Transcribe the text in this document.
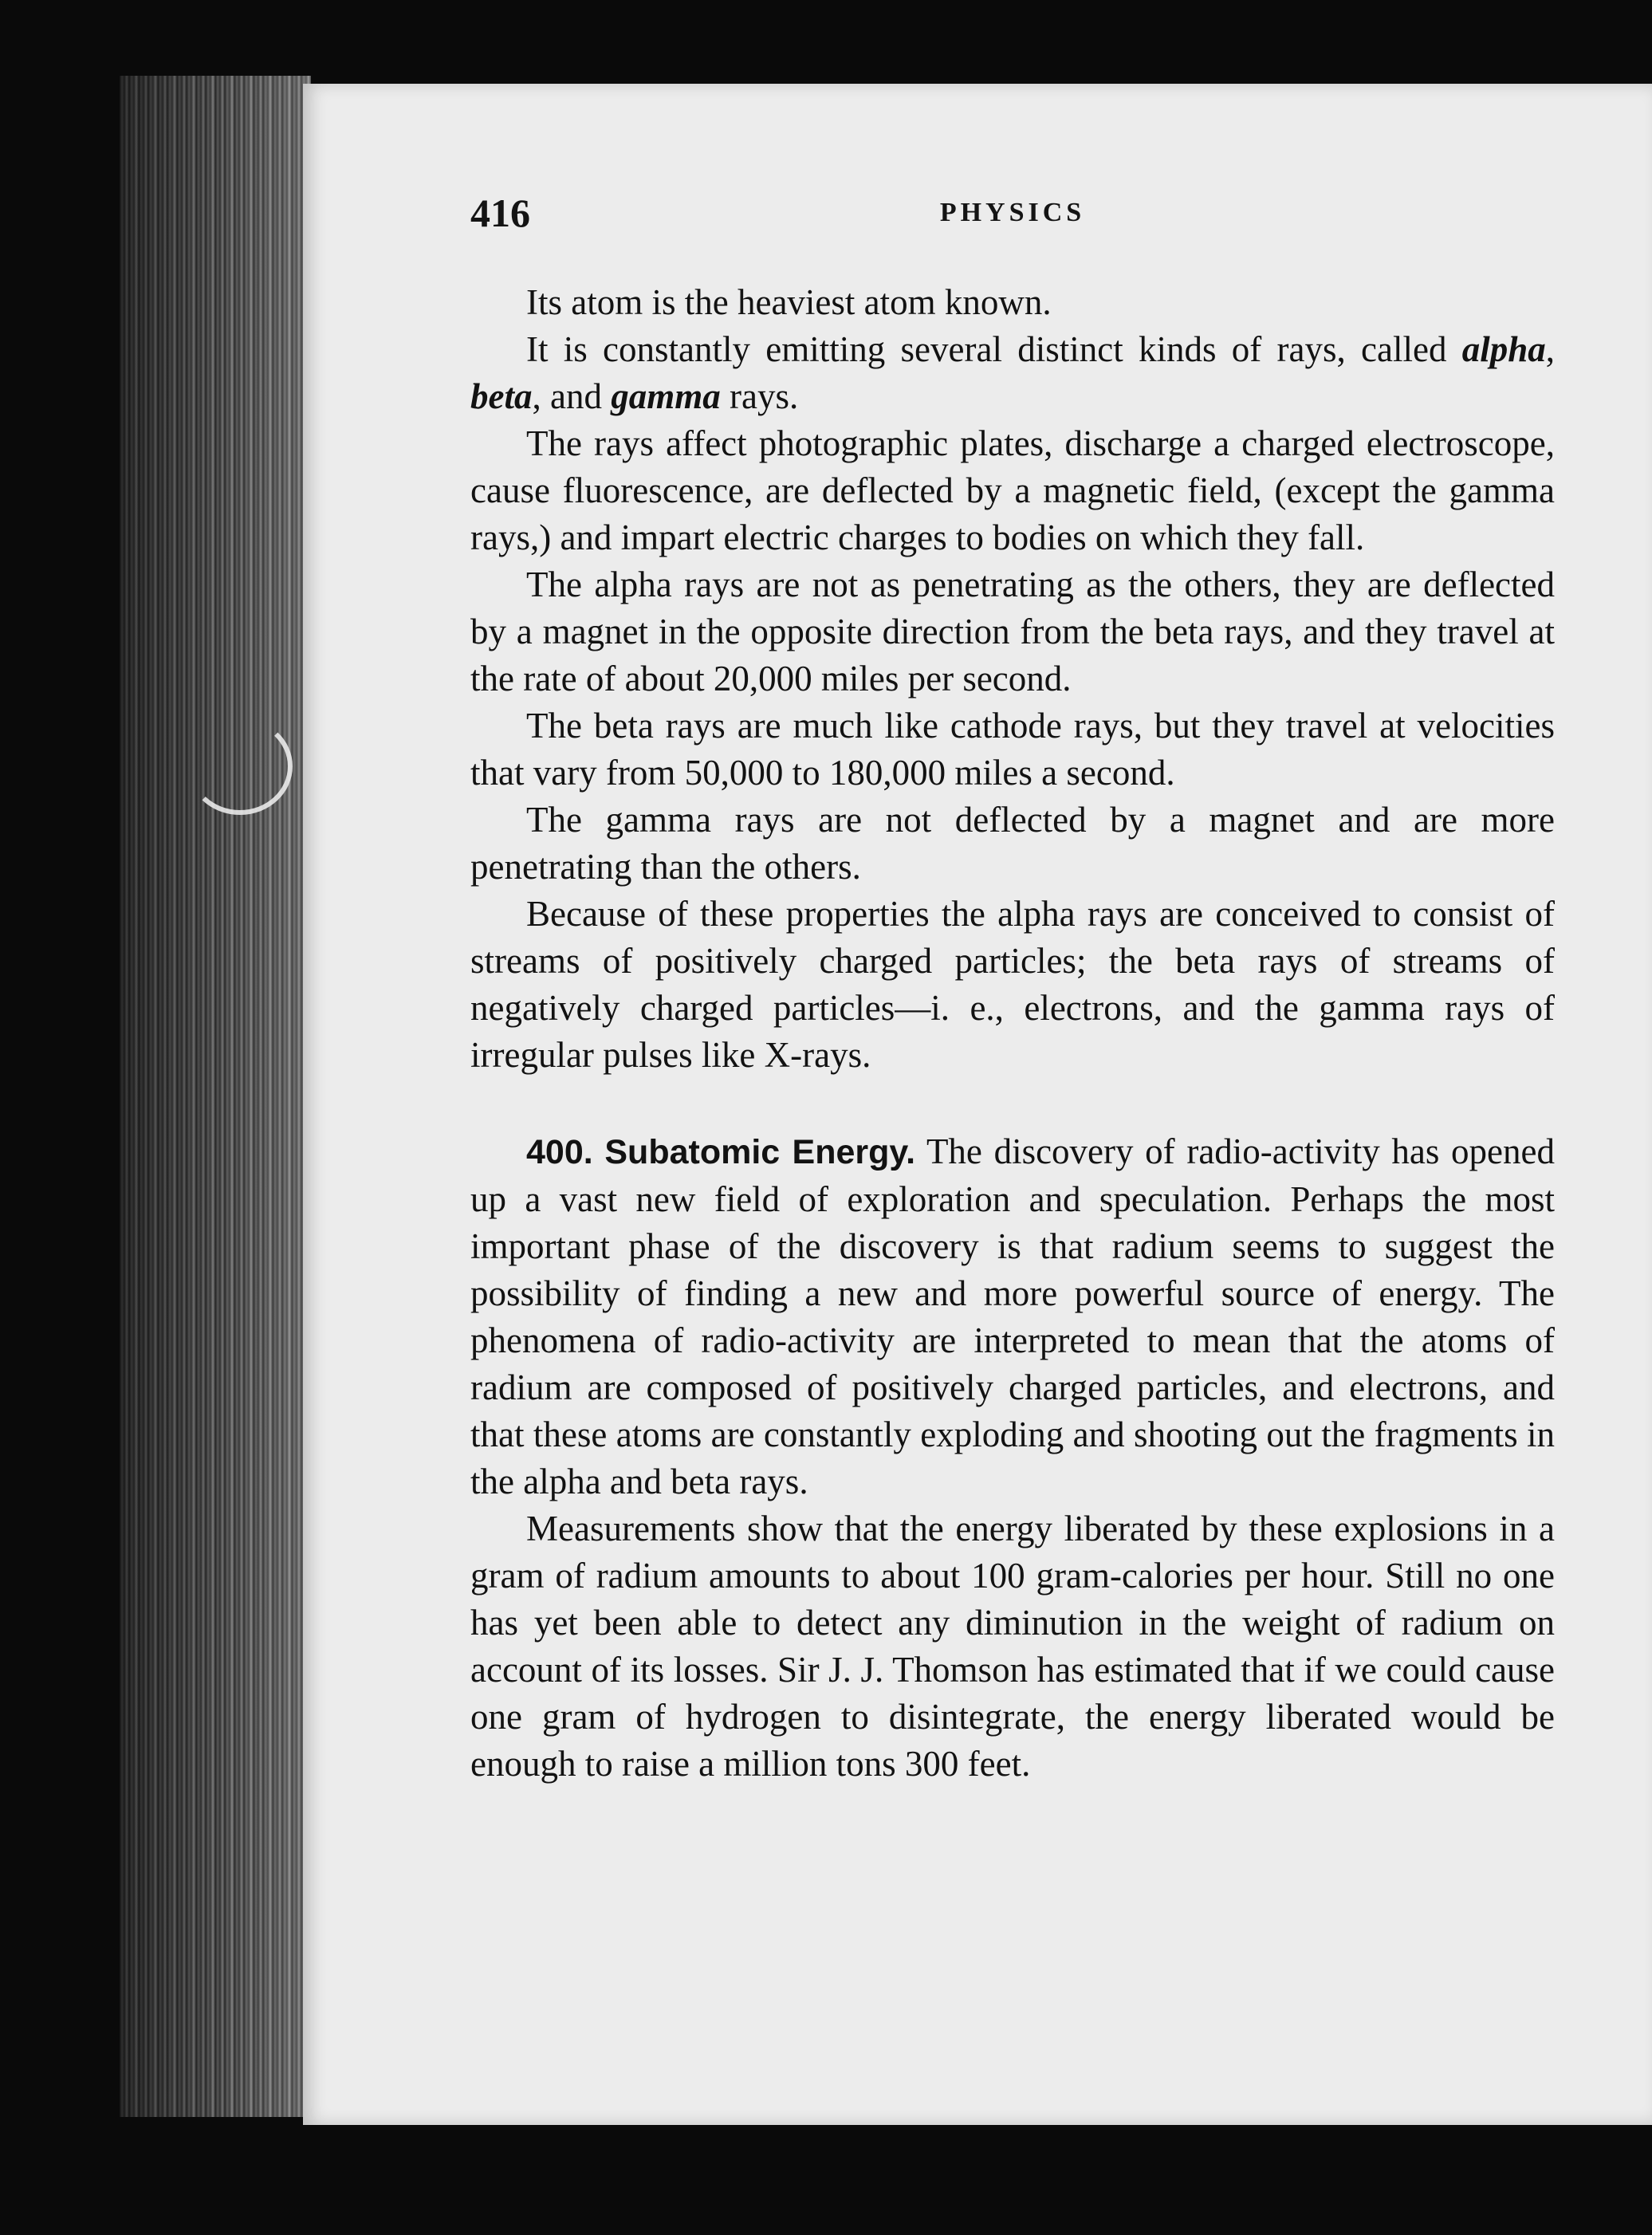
416	PHYSICS

Its atom is the heaviest atom known.

It is constantly emitting several distinct kinds of rays, called alpha, beta, and gamma rays.

The rays affect photographic plates, discharge a charged electroscope, cause fluorescence, are deflected by a magnetic field, (except the gamma rays,) and impart electric charges to bodies on which they fall.

The alpha rays are not as penetrating as the others, they are deflected by a magnet in the opposite direction from the beta rays, and they travel at the rate of about 20,000 miles per second.

The beta rays are much like cathode rays, but they travel at velocities that vary from 50,000 to 180,000 miles a second.

The gamma rays are not deflected by a magnet and are more penetrating than the others.

Because of these properties the alpha rays are conceived to consist of streams of positively charged particles; the beta rays of streams of negatively charged particles—i. e., electrons, and the gamma rays of irregular pulses like X-rays.

400. Subatomic Energy. The discovery of radio-activity has opened up a vast new field of exploration and speculation. Perhaps the most important phase of the discovery is that radium seems to suggest the possibility of finding a new and more powerful source of energy. The phenomena of radio-activity are interpreted to mean that the atoms of radium are composed of positively charged particles, and electrons, and that these atoms are constantly exploding and shooting out the fragments in the alpha and beta rays.

Measurements show that the energy liberated by these explosions in a gram of radium amounts to about 100 gram-calories per hour. Still no one has yet been able to detect any diminution in the weight of radium on account of its losses. Sir J. J. Thomson has estimated that if we could cause one gram of hydrogen to disintegrate, the energy liberated would be enough to raise a million tons 300 feet.
